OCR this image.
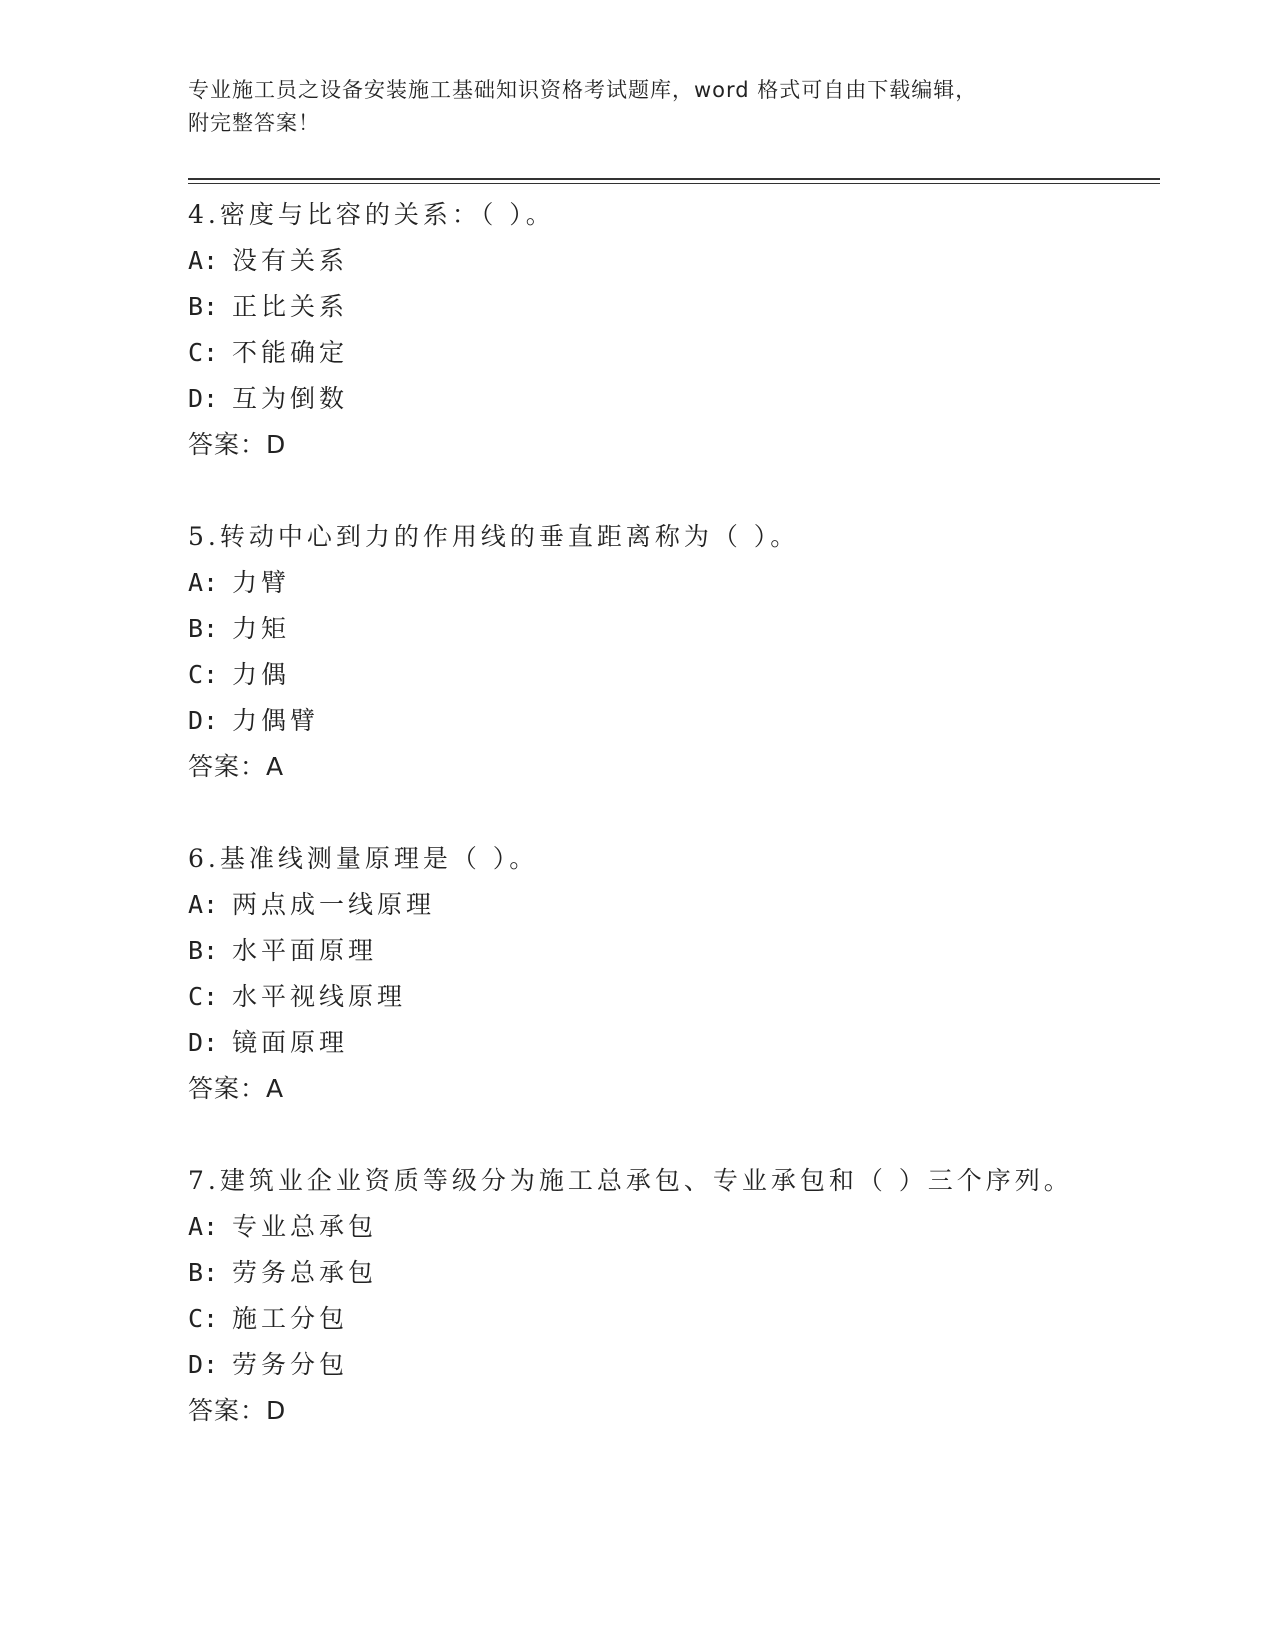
专业施工员之设备安装施工基础知识资格考试题库，word 格式可自由下载编辑，
附完整答案！
4.密度与比容的关系：（ ）。
A: 没有关系
B: 正比关系
C: 不能确定
D: 互为倒数
答案：D
5.转动中心到力的作用线的垂直距离称为（ ）。
A: 力臂
B: 力矩
C: 力偶
D: 力偶臂
答案：A
6.基准线测量原理是（ ）。
A: 两点成一线原理
B: 水平面原理
C: 水平视线原理
D: 镜面原理
答案：A
7.建筑业企业资质等级分为施工总承包、专业承包和（ ）三个序列。
A: 专业总承包
B: 劳务总承包
C: 施工分包
D: 劳务分包
答案：D
